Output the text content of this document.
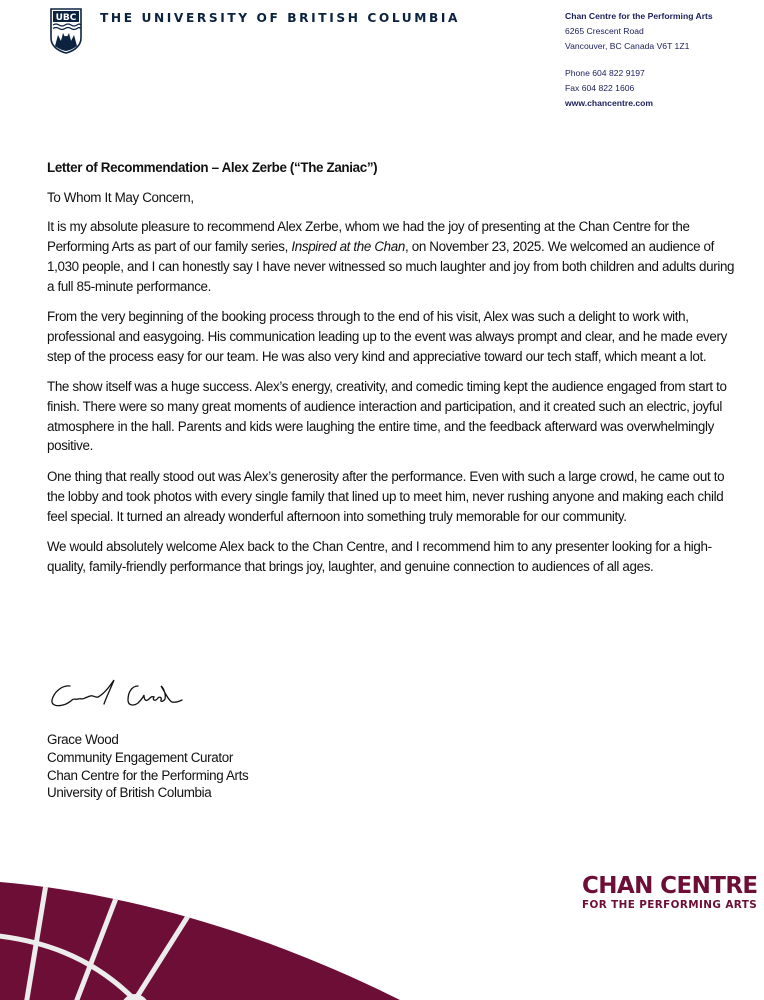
UBC THE UNIVERSITY OF BRITISH COLUMBIA	Chan Centre for the Performing Arts
6265 Crescent Road
Vancouver, BC Canada V6T 1Z1
Phone 604 822 9197
Fax 604 822 1606
www.chancentre.com
Letter of Recommendation – Alex Zerbe (“The Zaniac”)
To Whom It May Concern,

It is my absolute pleasure to recommend Alex Zerbe, whom we had the joy of presenting at the Chan Centre for the Performing Arts as part of our family series, Inspired at the Chan, on November 23, 2025. We welcomed an audience of 1,030 people, and I can honestly say I have never witnessed so much laughter and joy from both children and adults during a full 85-minute performance.

From the very beginning of the booking process through to the end of his visit, Alex was such a delight to work with, professional and easygoing. His communication leading up to the event was always prompt and clear, and he made every step of the process easy for our team. He was also very kind and appreciative toward our tech staff, which meant a lot.

The show itself was a huge success. Alex’s energy, creativity, and comedic timing kept the audience engaged from start to finish. There were so many great moments of audience interaction and participation, and it created such an electric, joyful atmosphere in the hall. Parents and kids were laughing the entire time, and the feedback afterward was overwhelmingly positive.

One thing that really stood out was Alex’s generosity after the performance. Even with such a large crowd, he came out to the lobby and took photos with every single family that lined up to meet him, never rushing anyone and making each child feel special. It turned an already wonderful afternoon into something truly memorable for our community.

We would absolutely welcome Alex back to the Chan Centre, and I recommend him to any presenter looking for a high-quality, family-friendly performance that brings joy, laughter, and genuine connection to audiences of all ages.

Grace Wood
Community Engagement Curator
Chan Centre for the Performing Arts
University of British Columbia
CHAN CENTRE
FOR THE PERFORMING ARTS
